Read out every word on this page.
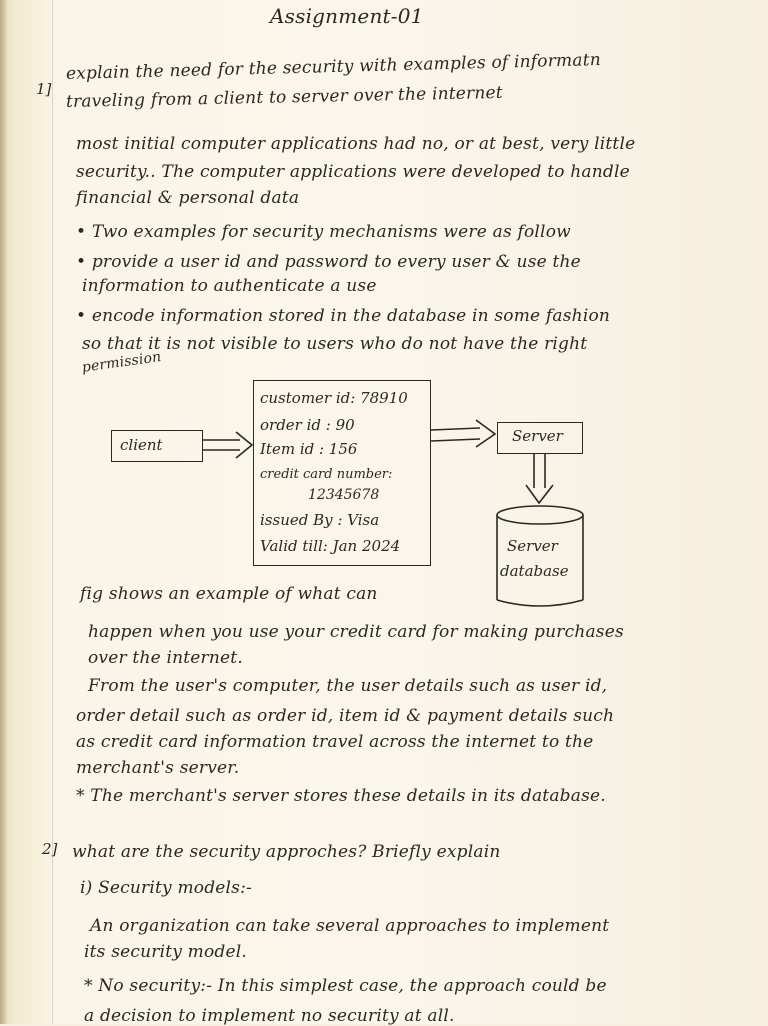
Assignment-01
1]
explain the need for the security with examples of informatn
traveling from a client to server over the internet
most initial computer applications had no, or at best, very little
security.. The computer applications were developed to handle
financial & personal data
• Two examples for security mechanisms were as follow
• provide a user id and password to every user & use the
information to authenticate a use
• encode information stored in the database in some fashion
so that it is not visible to users who do not have the right
permission
client
customer id: 78910
order id : 90
Item id : 156
credit card number:
12345678
issued By : Visa
Valid till: Jan 2024
Server
Server
database
fig shows an example of what can
happen when you use your credit card for making purchases
over the internet.
From the user's computer, the user details such as user id,
order detail such as order id, item id & payment details such
as credit card information travel across the internet to the
merchant's server.
* The merchant's server stores these details in its database.
2] what are the security approches? Briefly explain
i) Security models:-
An organization can take several approaches to implement
its security model.
* No security:- In this simplest case, the approach could be
a decision to implement no security at all.
